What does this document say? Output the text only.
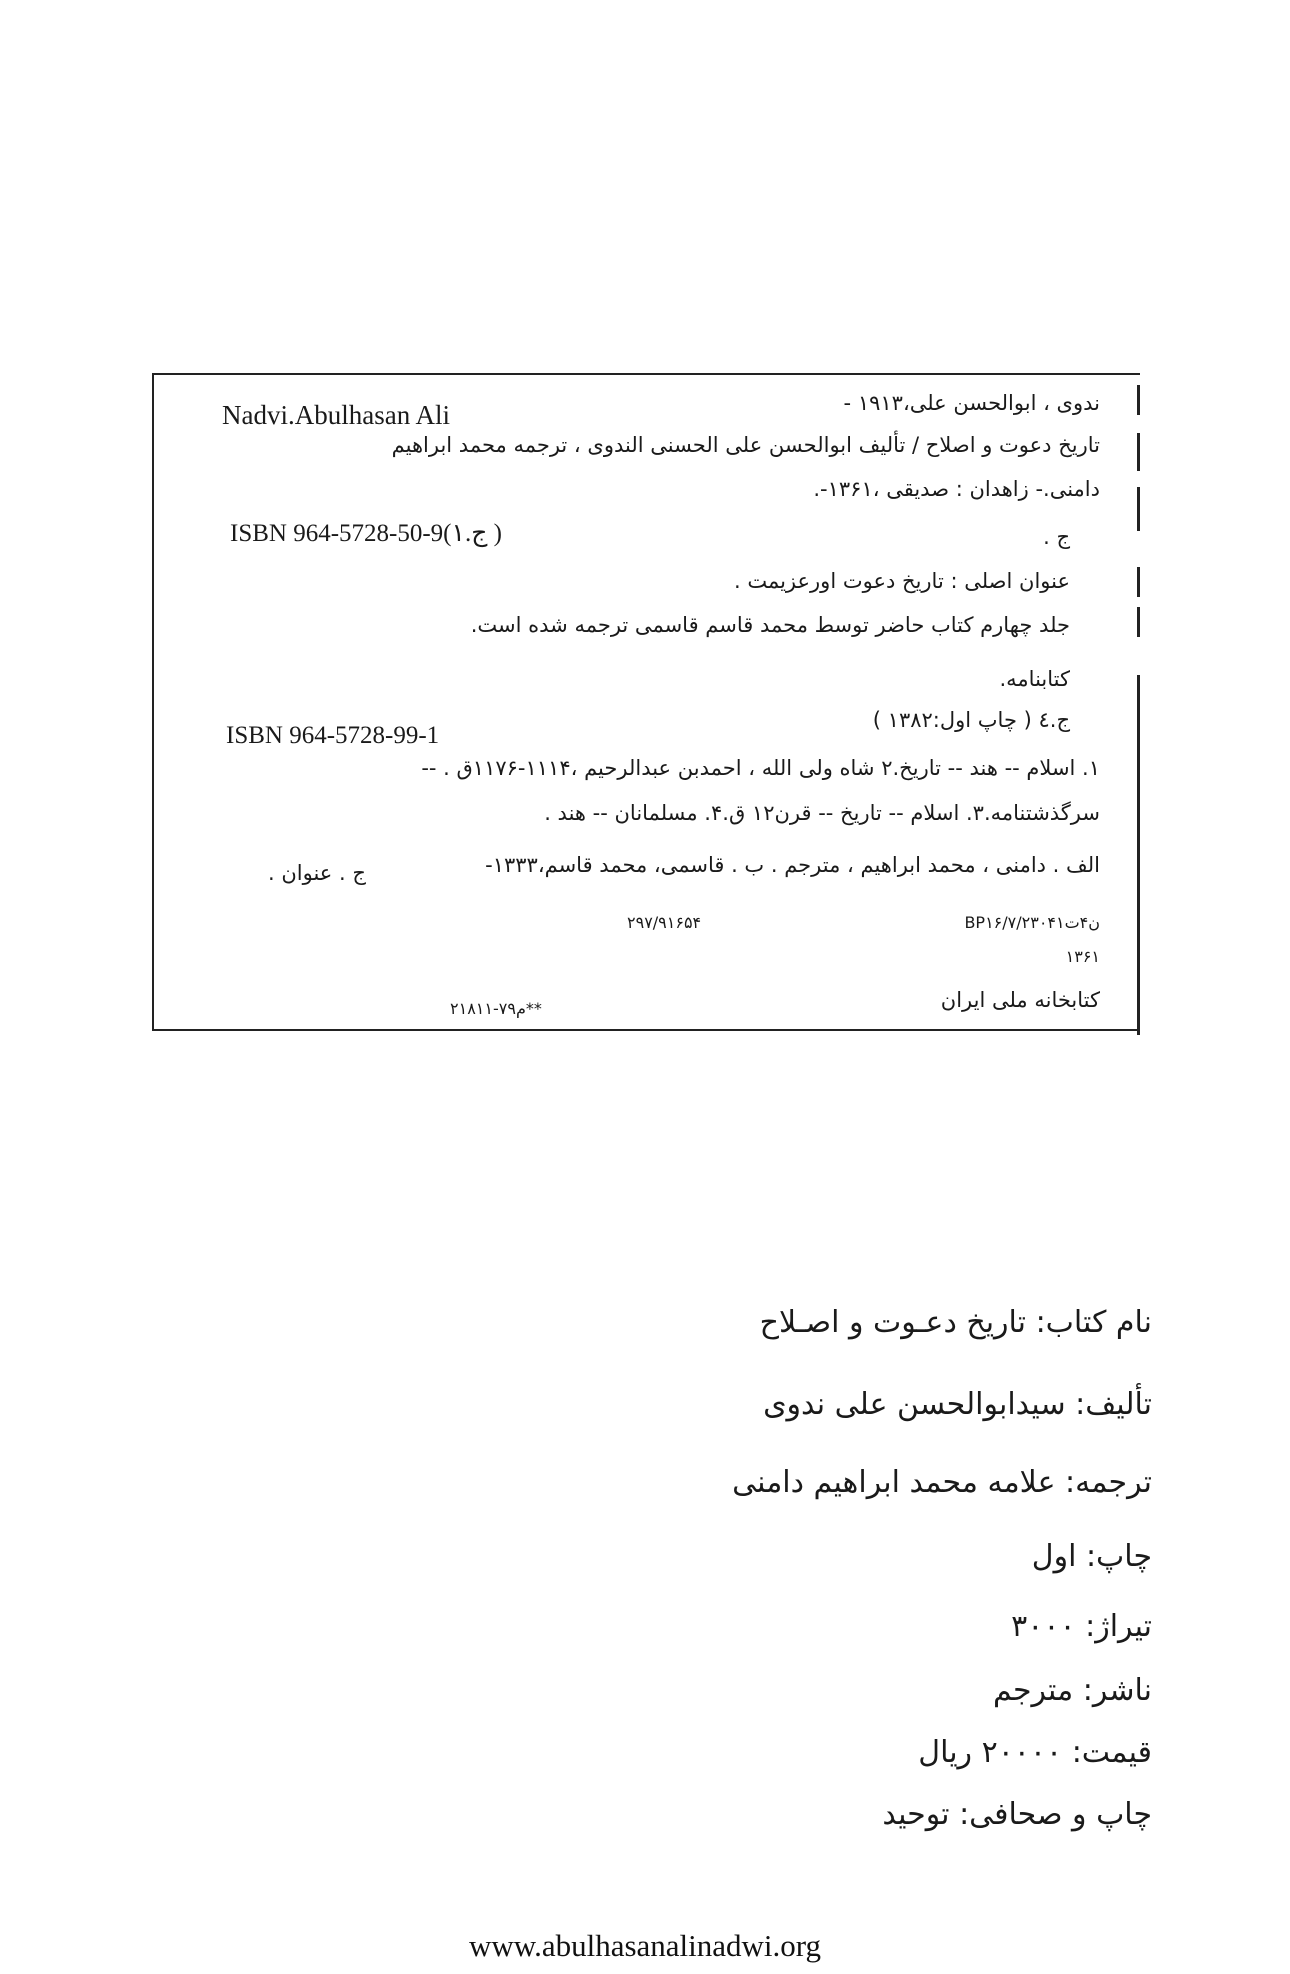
ندوی ، ابوالحسن علی،۱۹۱۳ -
Nadvi.Abulhasan Ali
تاریخ دعوت و اصلاح / تألیف ابوالحسن علی الحسنی الندوی ، ترجمه محمد ابراهیم
دامنی.- زاهدان : صدیقی ،۱۳۶۱-.
ج .
ISBN 964-5728-50-9(ج.۱ )
عنوان اصلی : تاریخ دعوت اورعزیمت .
جلد چهارم کتاب حاضر توسط محمد قاسم قاسمی ترجمه شده است.
کتابنامه.
ج.٤ ( چاپ اول:۱۳۸۲ )
ISBN 964-5728-99-1
۱. اسلام -- هند -- تاریخ.۲ شاه ولی الله ، احمدبن عبدالرحیم ،۱۱۱۴-۱۱۷۶ق . --
سرگذشتنامه.۳. اسلام -- تاریخ -- قرن۱۲ ق.۴. مسلمانان -- هند .
الف . دامنی ، محمد ابراهیم ، مترجم . ب . قاسمی، محمد قاسم،۱۳۳۳-
ج . عنوان .
BP۱۶/۷/ن۴ت۲۳۰۴۱
۲۹۷/۹۱۶۵۴
۱۳۶۱
کتابخانه ملی ایران
۲۱۸۱۱-۷۹م**
نام کتاب: تاریخ دعـوت و اصـلاح
تألیف: سیدابوالحسن علی ندوی
ترجمه: علامه محمد ابراهیم دامنی
چاپ: اول
تیراژ: ۳۰۰۰
ناشر: مترجم
قیمت: ۲۰۰۰۰ ریال
چاپ و صحافی: توحید
www.abulhasanalinadwi.org
